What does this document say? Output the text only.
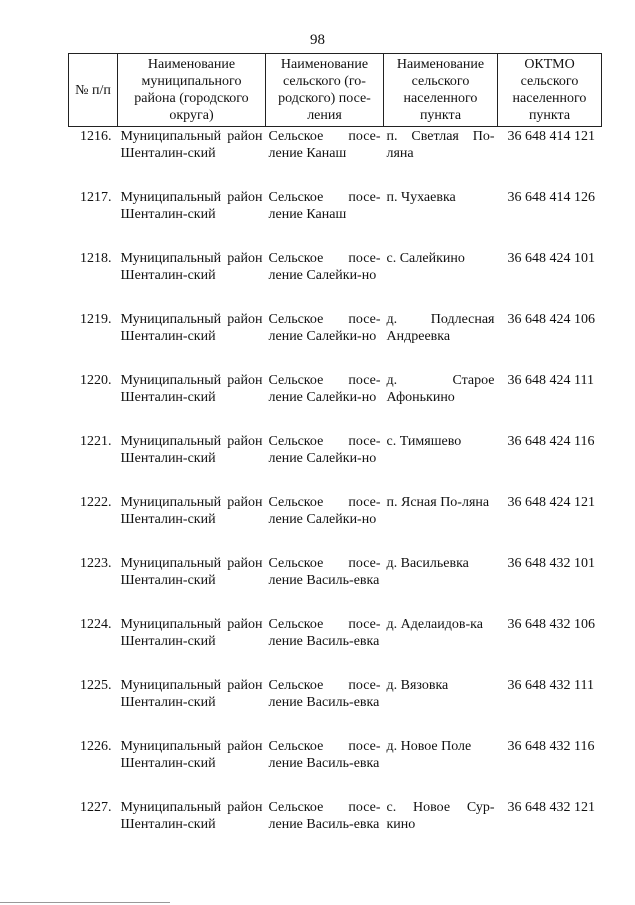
98
№ п/п	Наименование муниципального района (городского округа)	Наименование сельского (го-родского) посе-ления	Наименование сельского населенного пункта	ОКТМО сельского населенного пункта
1216.	Муниципальный район Шенталин-ский	Сельское посе-ление Канаш	п. Светлая По-ляна	36 648 414 121
1217.	Муниципальный район Шенталин-ский	Сельское посе-ление Канаш	п. Чухаевка	36 648 414 126
1218.	Муниципальный район Шенталин-ский	Сельское посе-ление Салейки-но	с. Салейкино	36 648 424 101
1219.	Муниципальный район Шенталин-ский	Сельское посе-ление Салейки-но	д. Подлесная Андреевка	36 648 424 106
1220.	Муниципальный район Шенталин-ский	Сельское посе-ление Салейки-но	д. Старое Афонькино	36 648 424 111
1221.	Муниципальный район Шенталин-ский	Сельское посе-ление Салейки-но	с. Тимяшево	36 648 424 116
1222.	Муниципальный район Шенталин-ский	Сельское посе-ление Салейки-но	п. Ясная По-ляна	36 648 424 121
1223.	Муниципальный район Шенталин-ский	Сельское посе-ление Василь-евка	д. Васильевка	36 648 432 101
1224.	Муниципальный район Шенталин-ский	Сельское посе-ление Василь-евка	д. Аделаидов-ка	36 648 432 106
1225.	Муниципальный район Шенталин-ский	Сельское посе-ление Василь-евка	д. Вязовка	36 648 432 111
1226.	Муниципальный район Шенталин-ский	Сельское посе-ление Василь-евка	д. Новое Поле	36 648 432 116
1227.	Муниципальный район Шенталин-ский	Сельское посе-ление Василь-евка	с. Новое Сур-кино	36 648 432 121
